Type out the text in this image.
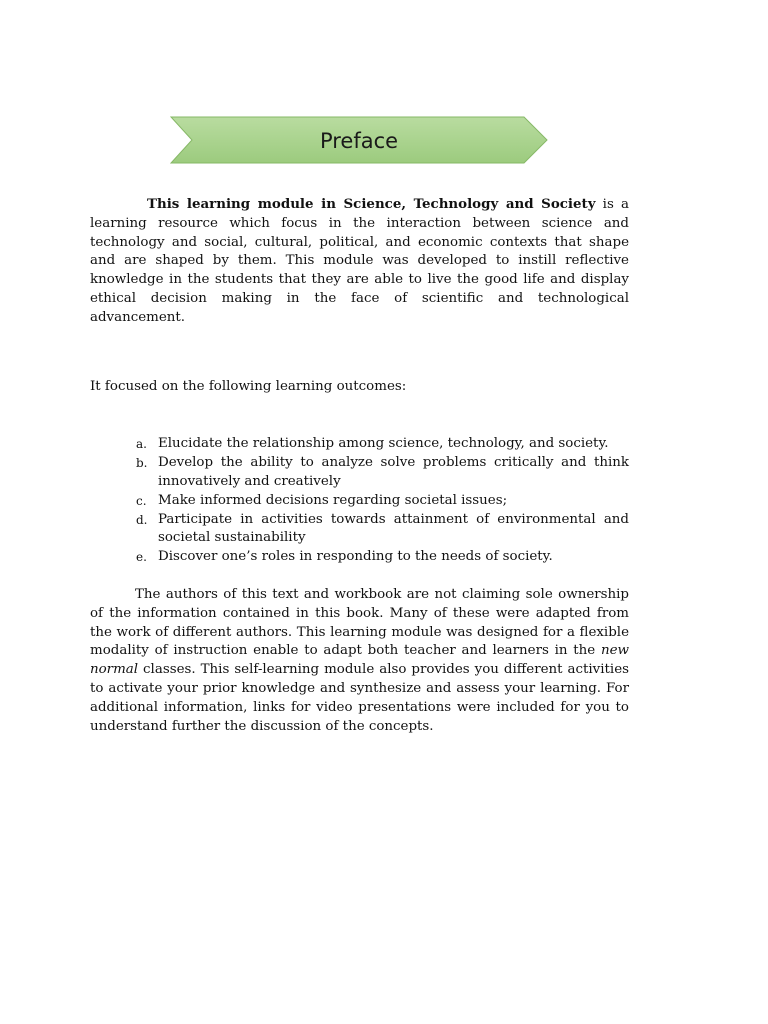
Preface

This learning module in Science, Technology and Society is a learning resource which focus in the interaction between science and technology and social, cultural, political, and economic contexts that shape and are shaped by them. This module was developed to instill reflective knowledge in the students that they are able to live the good life and display ethical decision making in the face of scientific and technological advancement.

It focused on the following learning outcomes:

a. Elucidate the relationship among science, technology, and society.
b. Develop the ability to analyze solve problems critically and think innovatively and creatively
c. Make informed decisions regarding societal issues;
d. Participate in activities towards attainment of environmental and societal sustainability
e. Discover one’s roles in responding to the needs of society.

The authors of this text and workbook are not claiming sole ownership of the information contained in this book. Many of these were adapted from the work of different authors. This learning module was designed for a flexible modality of instruction enable to adapt both teacher and learners in the new normal classes. This self-learning module also provides you different activities to activate your prior knowledge and synthesize and assess your learning. For additional information, links for video presentations were included for you to understand further the discussion of the concepts.
